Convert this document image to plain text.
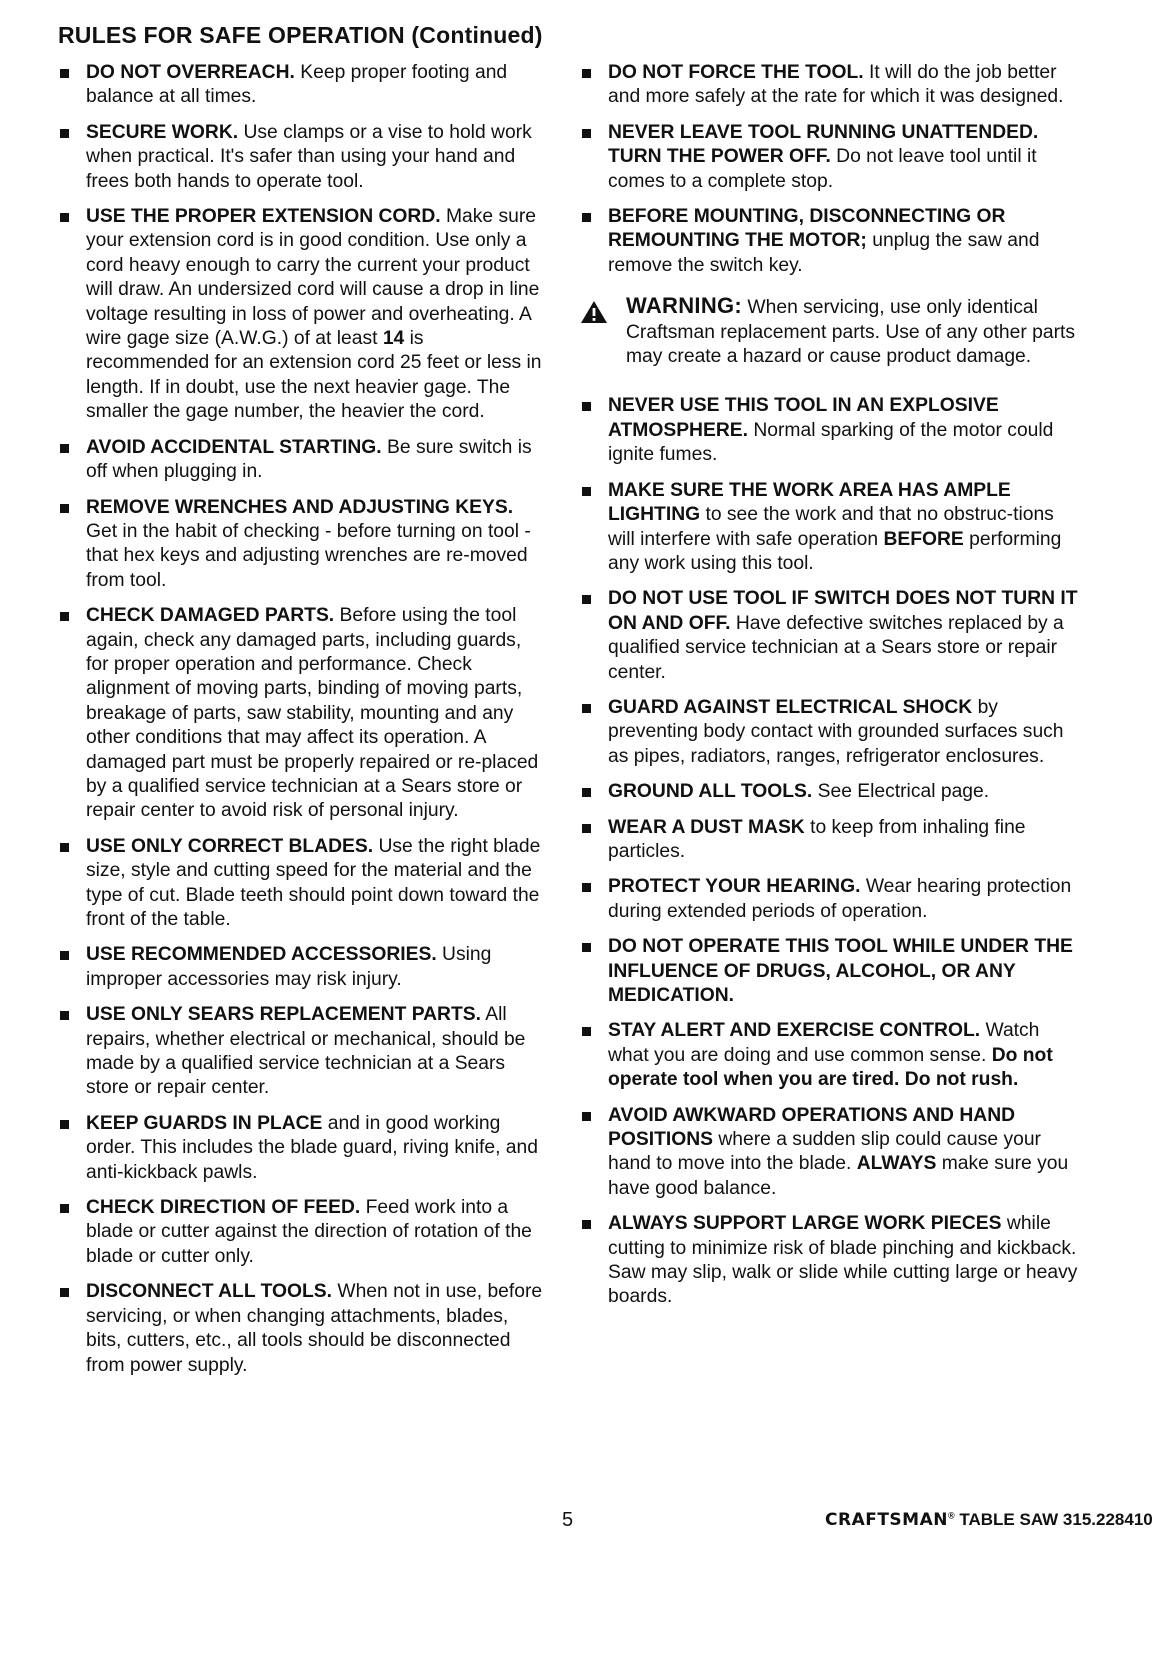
RULES FOR SAFE OPERATION (Continued)
DO NOT OVERREACH. Keep proper footing and balance at all times.
SECURE WORK. Use clamps or a vise to hold work when practical. It's safer than using your hand and frees both hands to operate tool.
USE THE PROPER EXTENSION CORD. Make sure your extension cord is in good condition. Use only a cord heavy enough to carry the current your product will draw. An undersized cord will cause a drop in line voltage resulting in loss of power and overheating. A wire gage size (A.W.G.) of at least 14 is recommended for an extension cord 25 feet or less in length. If in doubt, use the next heavier gage. The smaller the gage number, the heavier the cord.
AVOID ACCIDENTAL STARTING. Be sure switch is off when plugging in.
REMOVE WRENCHES AND ADJUSTING KEYS. Get in the habit of checking - before turning on tool - that hex keys and adjusting wrenches are re-moved from tool.
CHECK DAMAGED PARTS. Before using the tool again, check any damaged parts, including guards, for proper operation and performance. Check alignment of moving parts, binding of moving parts, breakage of parts, saw stability, mounting and any other conditions that may affect its operation. A damaged part must be properly repaired or re-placed by a qualified service technician at a Sears store or repair center to avoid risk of personal injury.
USE ONLY CORRECT BLADES. Use the right blade size, style and cutting speed for the material and the type of cut. Blade teeth should point down toward the front of the table.
USE RECOMMENDED ACCESSORIES. Using improper accessories may risk injury.
USE ONLY SEARS REPLACEMENT PARTS. All repairs, whether electrical or mechanical, should be made by a qualified service technician at a Sears store or repair center.
KEEP GUARDS IN PLACE and in good working order. This includes the blade guard, riving knife, and anti-kickback pawls.
CHECK DIRECTION OF FEED. Feed work into a blade or cutter against the direction of rotation of the blade or cutter only.
DISCONNECT ALL TOOLS. When not in use, before servicing, or when changing attachments, blades, bits, cutters, etc., all tools should be disconnected from power supply.
DO NOT FORCE THE TOOL. It will do the job better and more safely at the rate for which it was designed.
NEVER LEAVE TOOL RUNNING UNATTENDED. TURN THE POWER OFF. Do not leave tool until it comes to a complete stop.
BEFORE MOUNTING, DISCONNECTING OR REMOUNTING THE MOTOR; unplug the saw and remove the switch key.
WARNING: When servicing, use only identical Craftsman replacement parts. Use of any other parts may create a hazard or cause product damage.
NEVER USE THIS TOOL IN AN EXPLOSIVE ATMOSPHERE. Normal sparking of the motor could ignite fumes.
MAKE SURE THE WORK AREA HAS AMPLE LIGHTING to see the work and that no obstruc-tions will interfere with safe operation BEFORE performing any work using this tool.
DO NOT USE TOOL IF SWITCH DOES NOT TURN IT ON AND OFF. Have defective switches replaced by a qualified service technician at a Sears store or repair center.
GUARD AGAINST ELECTRICAL SHOCK by preventing body contact with grounded surfaces such as pipes, radiators, ranges, refrigerator enclosures.
GROUND ALL TOOLS. See Electrical page.
WEAR A DUST MASK to keep from inhaling fine particles.
PROTECT YOUR HEARING. Wear hearing protection during extended periods of operation.
DO NOT OPERATE THIS TOOL WHILE UNDER THE INFLUENCE OF DRUGS, ALCOHOL, OR ANY MEDICATION.
STAY ALERT AND EXERCISE CONTROL. Watch what you are doing and use common sense. Do not operate tool when you are tired. Do not rush.
AVOID AWKWARD OPERATIONS AND HAND POSITIONS where a sudden slip could cause your hand to move into the blade. ALWAYS make sure you have good balance.
ALWAYS SUPPORT LARGE WORK PIECES while cutting to minimize risk of blade pinching and kickback. Saw may slip, walk or slide while cutting large or heavy boards.
5	CRAFTSMAN® TABLE SAW 315.228410
